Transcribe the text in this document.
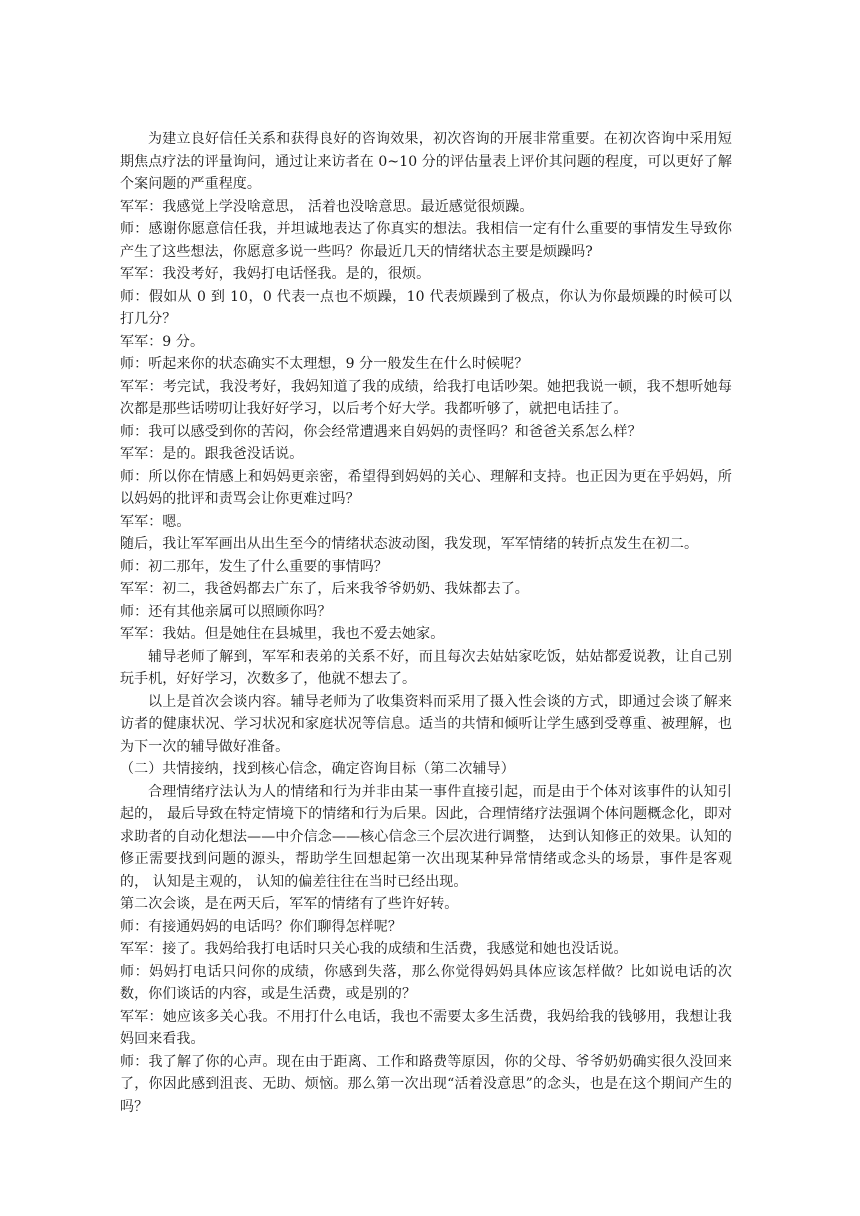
为建立良好信任关系和获得良好的咨询效果，初次咨询的开展非常重要。在初次咨询中采用短期焦点疗法的评量询问，通过让来访者在 0~10 分的评估量表上评价其问题的程度，可以更好了解个案问题的严重程度。

军军：我感觉上学没啥意思， 活着也没啥意思。最近感觉很烦躁。

师：感谢你愿意信任我，并坦诚地表达了你真实的想法。我相信一定有什么重要的事情发生导致你产生了这些想法，你愿意多说一些吗？你最近几天的情绪状态主要是烦躁吗?

军军：我没考好，我妈打电话怪我。是的，很烦。

师：假如从 0 到 10，0 代表一点也不烦躁，10 代表烦躁到了极点，你认为你最烦躁的时候可以打几分？

军军：9 分。

师：听起来你的状态确实不太理想，9 分一般发生在什么时候呢？

军军：考完试，我没考好，我妈知道了我的成绩，给我打电话吵架。她把我说一顿，我不想听她每次都是那些话唠叨让我好好学习，以后考个好大学。我都听够了，就把电话挂了。

师：我可以感受到你的苦闷，你会经常遭遇来自妈妈的责怪吗？和爸爸关系怎么样？

军军：是的。跟我爸没话说。

师：所以你在情感上和妈妈更亲密，希望得到妈妈的关心、理解和支持。也正因为更在乎妈妈，所以妈妈的批评和责骂会让你更难过吗？

军军：嗯。

随后，我让军军画出从出生至今的情绪状态波动图，我发现，军军情绪的转折点发生在初二。

师：初二那年，发生了什么重要的事情吗？

军军：初二，我爸妈都去广东了，后来我爷爷奶奶、我妹都去了。

师：还有其他亲属可以照顾你吗？

军军：我姑。但是她住在县城里，我也不爱去她家。

辅导老师了解到，军军和表弟的关系不好，而且每次去姑姑家吃饭，姑姑都爱说教，让自己别玩手机，好好学习，次数多了，他就不想去了。

以上是首次会谈内容。辅导老师为了收集资料而采用了摄入性会谈的方式，即通过会谈了解来访者的健康状况、学习状况和家庭状况等信息。适当的共情和倾听让学生感到受尊重、被理解，也为下一次的辅导做好准备。

（二）共情接纳，找到核心信念，确定咨询目标（第二次辅导）

合理情绪疗法认为人的情绪和行为并非由某一事件直接引起，而是由于个体对该事件的认知引起的， 最后导致在特定情境下的情绪和行为后果。因此，合理情绪疗法强调个体问题概念化，即对求助者的自动化想法——中介信念——核心信念三个层次进行调整， 达到认知修正的效果。认知的修正需要找到问题的源头，帮助学生回想起第一次出现某种异常情绪或念头的场景，事件是客观的， 认知是主观的， 认知的偏差往往在当时已经出现。

第二次会谈，是在两天后，军军的情绪有了些许好转。

师：有接通妈妈的电话吗？你们聊得怎样呢？

军军：接了。我妈给我打电话时只关心我的成绩和生活费，我感觉和她也没话说。

师：妈妈打电话只问你的成绩，你感到失落，那么你觉得妈妈具体应该怎样做？比如说电话的次数，你们谈话的内容，或是生活费，或是别的？

军军：她应该多关心我。不用打什么电话，我也不需要太多生活费，我妈给我的钱够用，我想让我妈回来看我。

师：我了解了你的心声。现在由于距离、工作和路费等原因，你的父母、爷爷奶奶确实很久没回来了，你因此感到沮丧、无助、烦恼。那么第一次出现“活着没意思”的念头，也是在这个期间产生的吗？
